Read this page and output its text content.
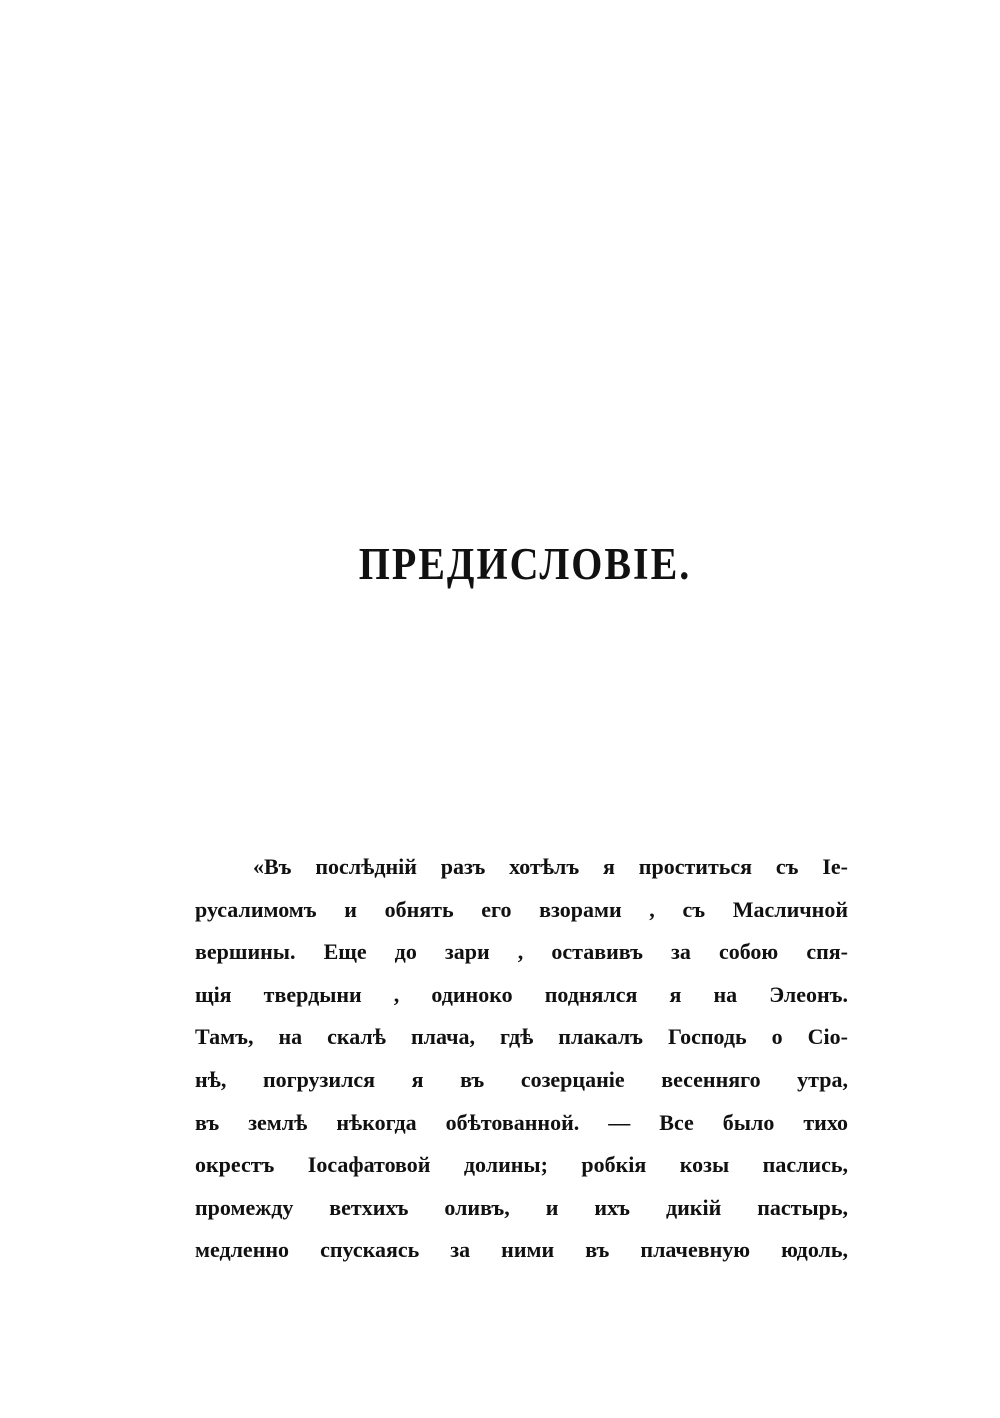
ПРЕДИСЛОВІЕ.
«Въ послѣдній разъ хотѣлъ я проститься съ Іе-
русалимомъ и обнять его взорами , съ Масличной
вершины. Еще до зари , оставивъ за собою спя-
щія твердыни , одиноко поднялся я на Элеонъ.
Тамъ, на скалѣ плача, гдѣ плакалъ Господь о Сіо-
нѣ, погрузился я въ созерцаніе весенняго утра,
въ землѣ нѣкогда обѣтованной. — Все было тихо
окрестъ Іосафатовой долины; робкія козы паслись,
промежду ветхихъ оливъ, и ихъ дикій пастырь,
медленно спускаясь за ними въ плачевную юдоль,
